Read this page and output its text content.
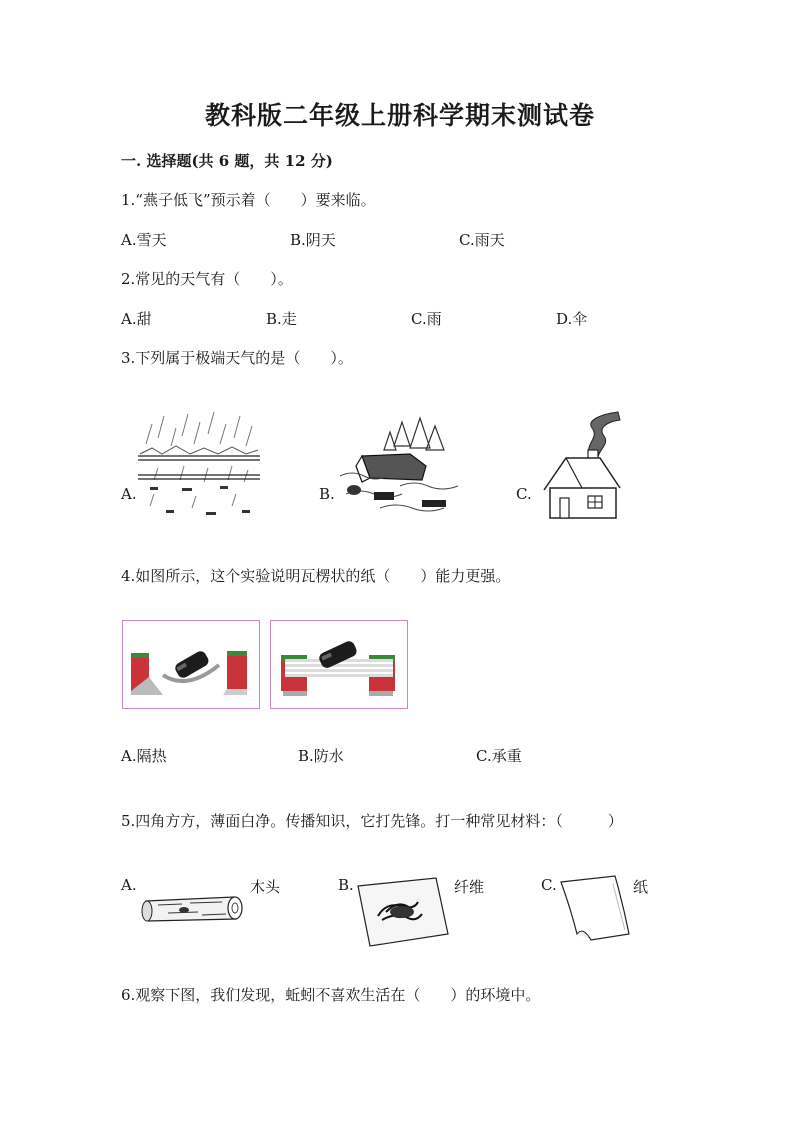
教科版二年级上册科学期末测试卷
一. 选择题(共 6 题，共 12 分)
1.“燕子低飞”预示着（　　）要来临。
A.雪天	B.阴天	C.雨天
2.常见的天气有（　　）。
A.甜	B.走	C.雨	D.伞
3.下列属于极端天气的是（　　）。
A.	B.	C.
4.如图所示，这个实验说明瓦楞状的纸（　　）能力更强。
A.隔热	B.防水	C.承重
5.四角方方，薄面白净。传播知识，它打先锋。打一种常见材料：（　　　）
A.	木头	B.	纤维	C.	纸
6.观察下图，我们发现，蚯蚓不喜欢生活在（　　）的环境中。
